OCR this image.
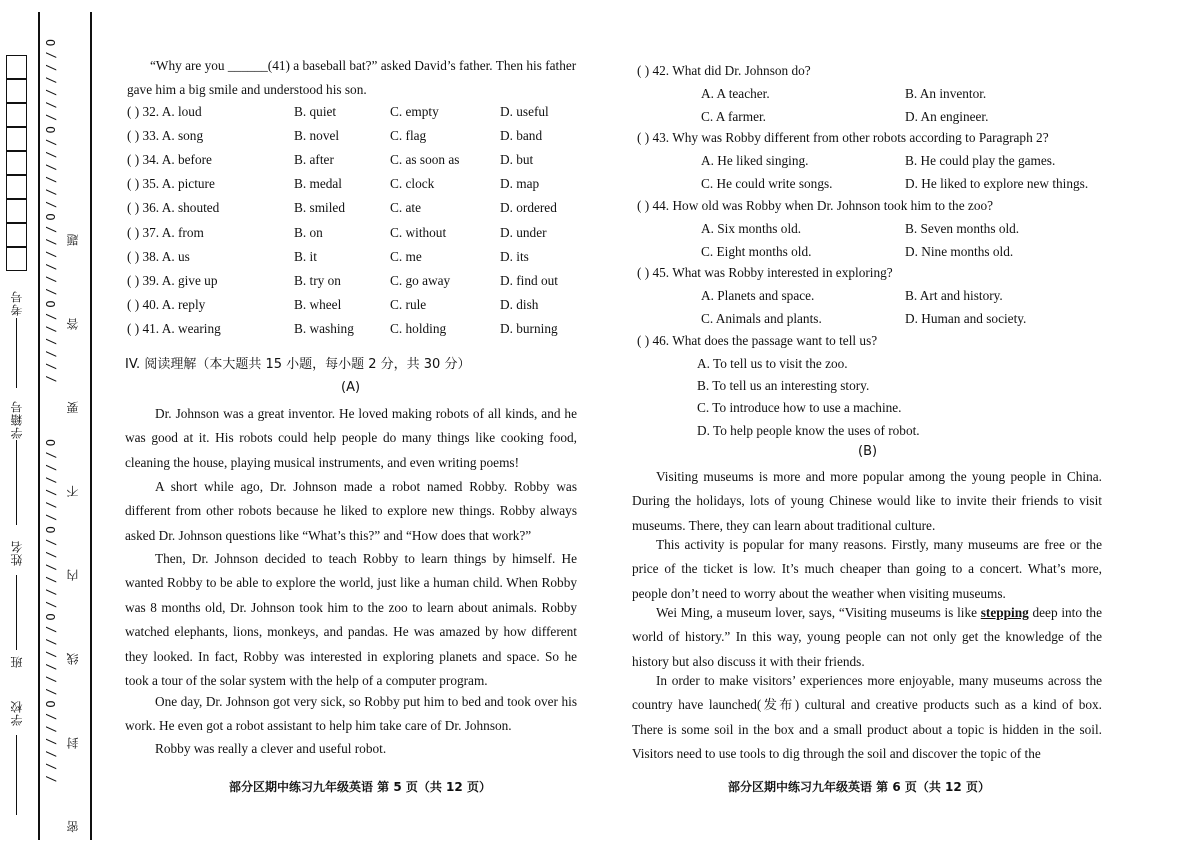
考号
学籍号
姓名
班
学校
/ / / / / / O / / / / / / O / / / / / / O / / / / / / O
/ / / / / / O / / / / / / O / / / / / / O / / / / / / O 密 封 线 内 不 要 答 题
“Why are you ______(41) a baseball bat?” asked David’s father. Then his father
gave him a big smile and understood his son.
( ) 32. A. loud	B. quiet	C. empty	D. useful
( ) 33. A. song	B. novel	C. flag	D. band
( ) 34. A. before	B. after	C. as soon as	D. but
( ) 35. A. picture	B. medal	C. clock	D. map
( ) 36. A. shouted	B. smiled	C. ate	D. ordered
( ) 37. A. from	B. on	C. without	D. under
( ) 38. A. us	B. it	C. me	D. its
( ) 39. A. give up	B. try on	C. go away	D. find out
( ) 40. A. reply	B. wheel	C. rule	D. dish
( ) 41. A. wearing	B. washing	C. holding	D. burning
IV. 阅读理解（本大题共 15 小题，每小题 2 分，共 30 分）
(A)
Dr. Johnson was a great inventor. He loved making robots of all kinds, and he was good at it. His robots could help people do many things like cooking food, cleaning the house, playing musical instruments, and even writing poems!
A short while ago, Dr. Johnson made a robot named Robby. Robby was different from other robots because he liked to explore new things. Robby always asked Dr. Johnson questions like “What’s this?” and “How does that work?”
Then, Dr. Johnson decided to teach Robby to learn things by himself. He wanted Robby to be able to explore the world, just like a human child. When Robby was 8 months old, Dr. Johnson took him to the zoo to learn about animals. Robby watched elephants, lions, monkeys, and pandas. He was amazed by how different they looked. In fact, Robby was interested in exploring planets and space. So he took a tour of the solar system with the help of a computer program.
One day, Dr. Johnson got very sick, so Robby put him to bed and took over his work. He even got a robot assistant to help him take care of Dr. Johnson.
Robby was really a clever and useful robot.
部分区期中练习九年级英语 第 5 页（共 12 页）
( ) 42. What did Dr. Johnson do?
A. A teacher.	B. An inventor.
C. A farmer.	D. An engineer.
( ) 43. Why was Robby different from other robots according to Paragraph 2?
A. He liked singing.	B. He could play the games.
C. He could write songs.	D. He liked to explore new things.
( ) 44. How old was Robby when Dr. Johnson took him to the zoo?
A. Six months old.	B. Seven months old.
C. Eight months old.	D. Nine months old.
( ) 45. What was Robby interested in exploring?
A. Planets and space.	B. Art and history.
C. Animals and plants.	D. Human and society.
( ) 46. What does the passage want to tell us?
A. To tell us to visit the zoo.
B. To tell us an interesting story.
C. To introduce how to use a machine.
D. To help people know the uses of robot.
(B)
Visiting museums is more and more popular among the young people in China. During the holidays, lots of young Chinese would like to invite their friends to visit museums. There, they can learn about traditional culture.
This activity is popular for many reasons. Firstly, many museums are free or the price of the ticket is low. It’s much cheaper than going to a concert. What’s more, people don’t need to worry about the weather when visiting museums.
Wei Ming, a museum lover, says, “Visiting museums is like stepping deep into the world of history.” In this way, young people can not only get the knowledge of the history but also discuss it with their friends.
In order to make visitors’ experiences more enjoyable, many museums across the country have launched(发布) cultural and creative products such as a kind of box. There is some soil in the box and a small product about a topic is hidden in the soil. Visitors need to use tools to dig through the soil and discover the topic of the
部分区期中练习九年级英语 第 6 页（共 12 页）
